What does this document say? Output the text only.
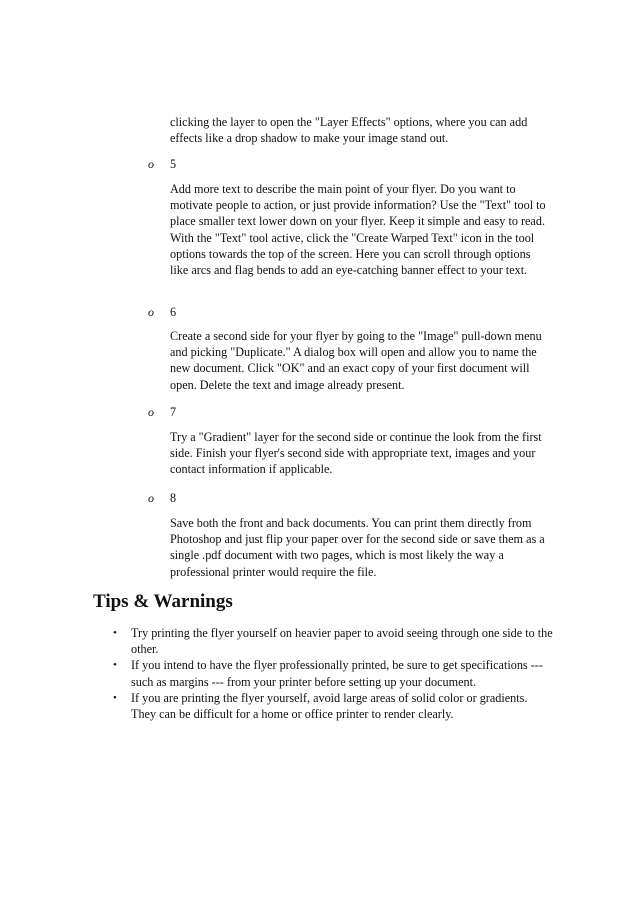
clicking the layer to open the "Layer Effects" options, where you can add effects like a drop shadow to make your image stand out.

o 5

Add more text to describe the main point of your flyer. Do you want to motivate people to action, or just provide information? Use the "Text" tool to place smaller text lower down on your flyer. Keep it simple and easy to read. With the "Text" tool active, click the "Create Warped Text" icon in the tool options towards the top of the screen. Here you can scroll through options like arcs and flag bends to add an eye-catching banner effect to your text.

o 6

Create a second side for your flyer by going to the "Image" pull-down menu and picking "Duplicate." A dialog box will open and allow you to name the new document. Click "OK" and an exact copy of your first document will open. Delete the text and image already present.

o 7

Try a "Gradient" layer for the second side or continue the look from the first side. Finish your flyer's second side with appropriate text, images and your contact information if applicable.

o 8

Save both the front and back documents. You can print them directly from Photoshop and just flip your paper over for the second side or save them as a single .pdf document with two pages, which is most likely the way a professional printer would require the file.

Tips & Warnings
• Try printing the flyer yourself on heavier paper to avoid seeing through one side to the other.
• If you intend to have the flyer professionally printed, be sure to get specifications --- such as margins --- from your printer before setting up your document.
• If you are printing the flyer yourself, avoid large areas of solid color or gradients. They can be difficult for a home or office printer to render clearly.
